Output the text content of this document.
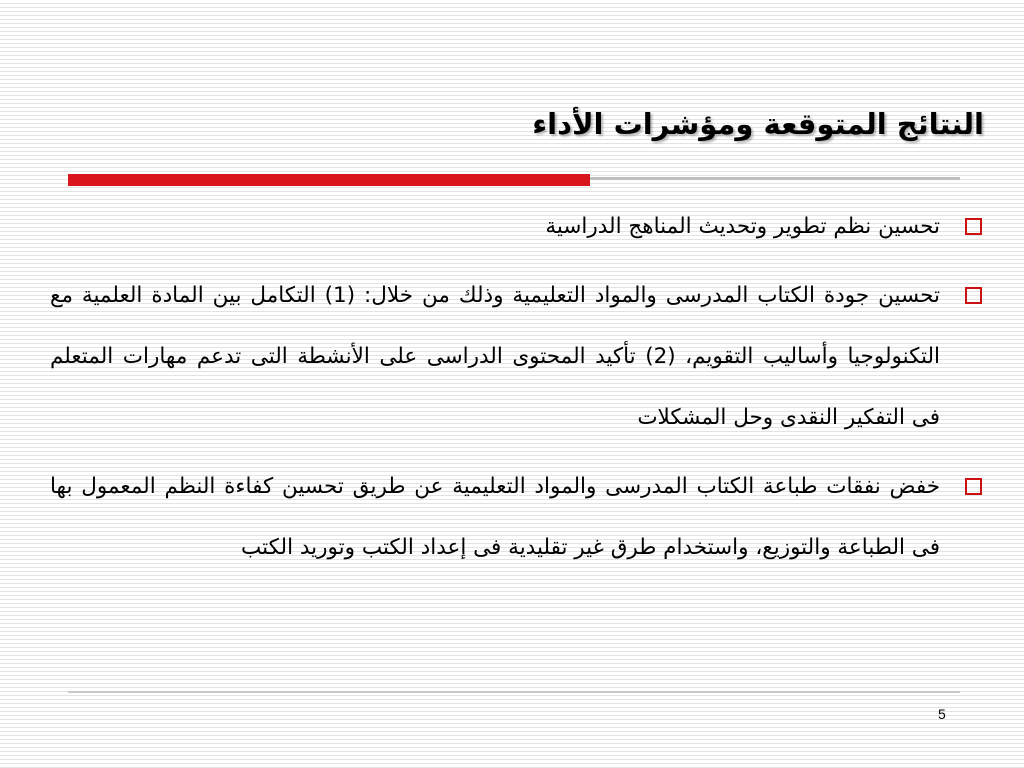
النتائج المتوقعة ومؤشرات الأداء
تحسين نظم تطوير وتحديث المناهج الدراسية
تحسين جودة الكتاب المدرسى والمواد التعليمية وذلك من خلال: (1) التكامل بين المادة العلمية مع التكنولوجيا وأساليب التقويم، (2) تأكيد المحتوى الدراسى على الأنشطة التى تدعم مهارات المتعلم فى التفكير النقدى وحل المشكلات
خفض نفقات طباعة الكتاب المدرسى والمواد التعليمية عن طريق تحسين كفاءة النظم المعمول بها فى الطباعة والتوزيع، واستخدام طرق غير تقليدية فى إعداد الكتب وتوريد الكتب
5
